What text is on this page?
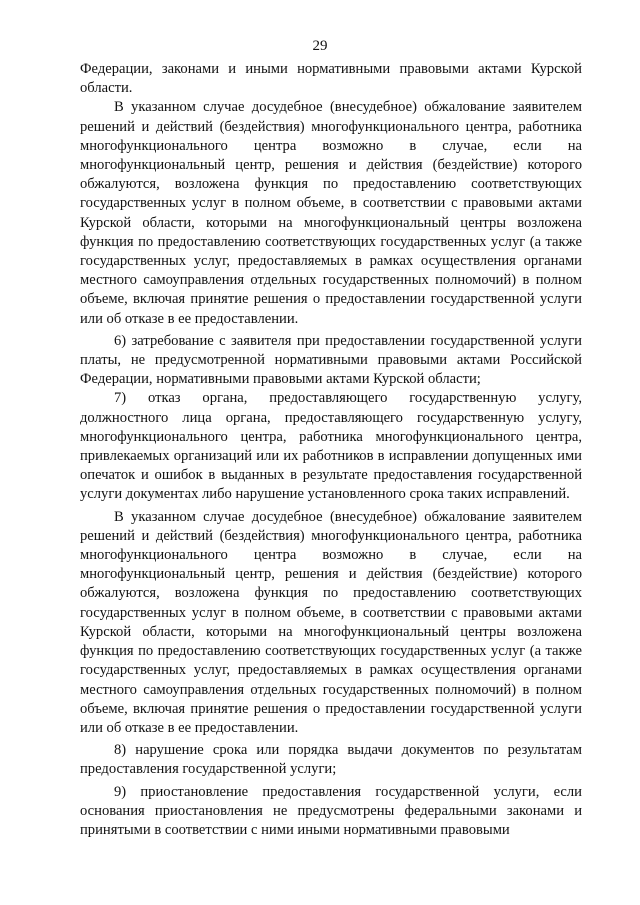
29

Федерации, законами и иными нормативными правовыми актами Курской области.

В указанном случае досудебное (внесудебное) обжалование заявителем решений и действий (бездействия) многофункционального центра, работника многофункционального центра возможно в случае, если на многофункциональный центр, решения и действия (бездействие) которого обжалуются, возложена функция по предоставлению соответствующих государственных услуг в полном объеме, в соответствии с правовыми актами Курской области, которыми на многофункциональный центры возложена функция по предоставлению соответствующих государственных услуг (а также государственных услуг, предоставляемых в рамках осуществления органами местного самоуправления отдельных государственных полномочий) в полном объеме, включая принятие решения о предоставлении государственной услуги или об отказе в ее предоставлении.

6) затребование с заявителя при предоставлении государственной услуги платы, не предусмотренной нормативными правовыми актами Российской Федерации, нормативными правовыми актами Курской области;

7) отказ органа, предоставляющего государственную услугу, должностного лица органа, предоставляющего государственную услугу, многофункционального центра, работника многофункционального центра, привлекаемых организаций или их работников в исправлении допущенных ими опечаток и ошибок в выданных в результате предоставления государственной услуги документах либо нарушение установленного срока таких исправлений.

В указанном случае досудебное (внесудебное) обжалование заявителем решений и действий (бездействия) многофункционального центра, работника многофункционального центра возможно в случае, если на многофункциональный центр, решения и действия (бездействие) которого обжалуются, возложена функция по предоставлению соответствующих государственных услуг в полном объеме, в соответствии с правовыми актами Курской области, которыми на многофункциональный центры возложена функция по предоставлению соответствующих государственных услуг (а также государственных услуг, предоставляемых в рамках осуществления органами местного самоуправления отдельных государственных полномочий) в полном объеме, включая принятие решения о предоставлении государственной услуги или об отказе в ее предоставлении.

8) нарушение срока или порядка выдачи документов по результатам предоставления государственной услуги;

9) приостановление предоставления государственной услуги, если основания приостановления не предусмотрены федеральными законами и принятыми в соответствии с ними иными нормативными правовыми
